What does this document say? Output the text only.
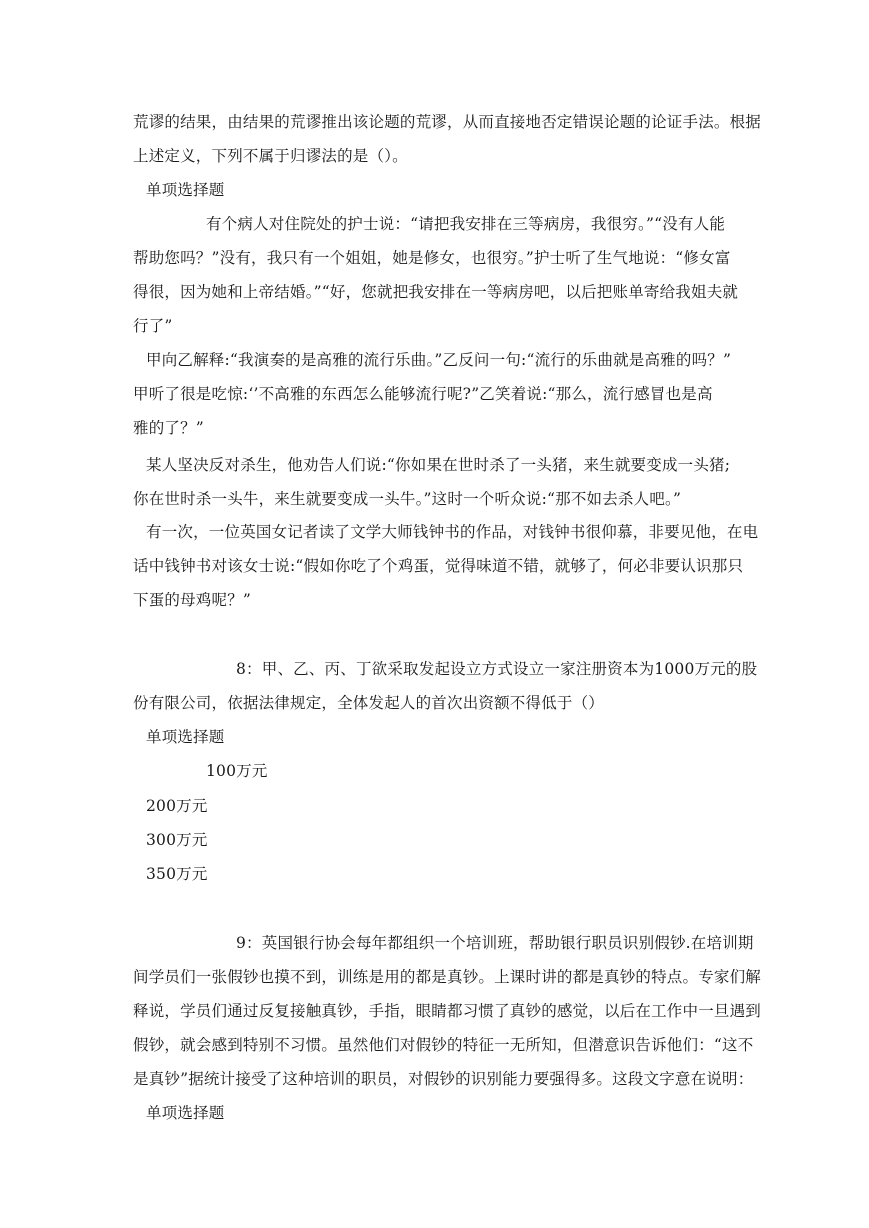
荒谬的结果，由结果的荒谬推出该论题的荒谬，从而直接地否定错误论题的论证手法。根据
上述定义，下列不属于归谬法的是（）。
单项选择题
有个病人对住院处的护士说：“请把我安排在三等病房，我很穷。”“没有人能
帮助您吗？”没有，我只有一个姐姐，她是修女，也很穷。”护士听了生气地说：“修女富
得很，因为她和上帝结婚。”“好，您就把我安排在一等病房吧，以后把账单寄给我姐夫就
行了”
甲向乙解释:“我演奏的是高雅的流行乐曲。”乙反问一句:“流行的乐曲就是高雅的吗？”
甲听了很是吃惊:‘’不高雅的东西怎么能够流行呢?”乙笑着说:“那么，流行感冒也是高
雅的了？”
某人坚决反对杀生，他劝告人们说:“你如果在世时杀了一头猪，来生就要变成一头猪;
你在世时杀一头牛，来生就要变成一头牛。”这时一个听众说:“那不如去杀人吧。”
有一次，一位英国女记者读了文学大师钱钟书的作品，对钱钟书很仰慕，非要见他，在电
话中钱钟书对该女士说:“假如你吃了个鸡蛋，觉得味道不错，就够了，何必非要认识那只
下蛋的母鸡呢？”
8：甲、乙、丙、丁欲采取发起设立方式设立一家注册资本为1000万元的股
份有限公司，依据法律规定，全体发起人的首次出资额不得低于（）
单项选择题
100万元
200万元
300万元
350万元
9：英国银行协会每年都组织一个培训班，帮助银行职员识别假钞.在培训期
间学员们一张假钞也摸不到，训练是用的都是真钞。上课时讲的都是真钞的特点。专家们解
释说，学员们通过反复接触真钞，手指，眼睛都习惯了真钞的感觉，以后在工作中一旦遇到
假钞，就会感到特别不习惯。虽然他们对假钞的特征一无所知，但潜意识告诉他们：“这不
是真钞”据统计接受了这种培训的职员，对假钞的识别能力要强得多。这段文字意在说明：
单项选择题
